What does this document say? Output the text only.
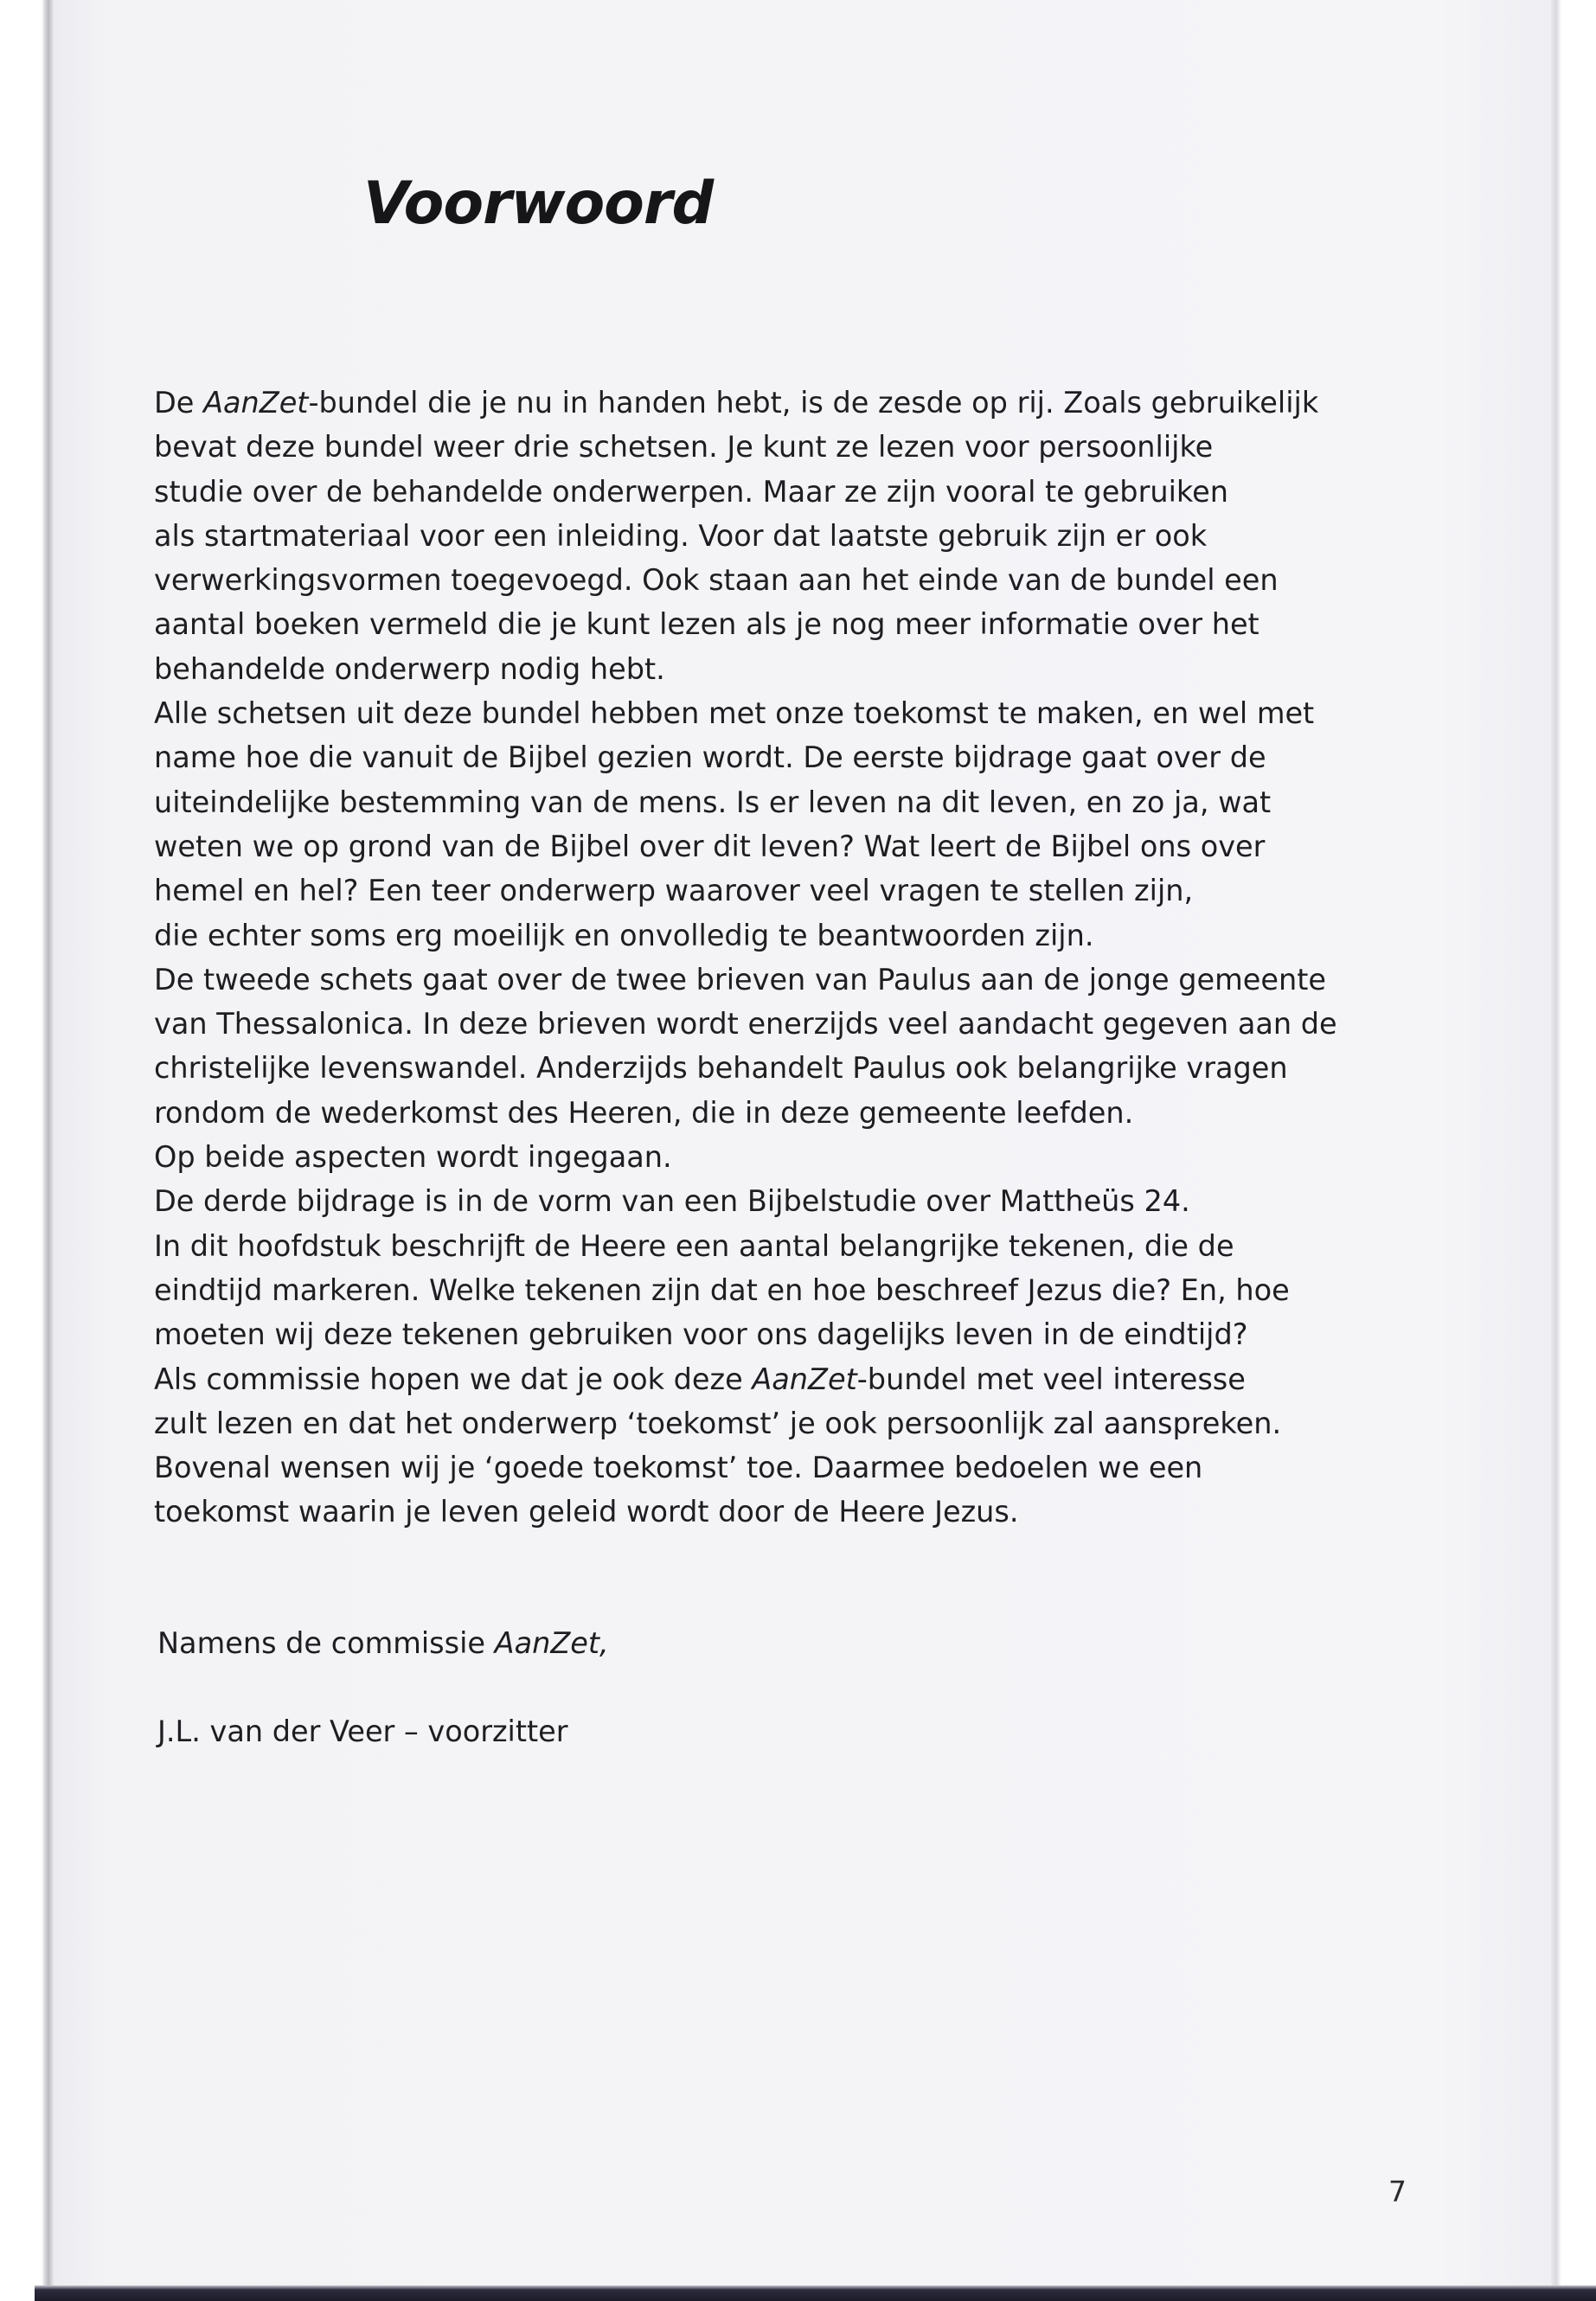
Voorwoord
De AanZet-bundel die je nu in handen hebt, is de zesde op rij. Zoals gebruikelijk
bevat deze bundel weer drie schetsen. Je kunt ze lezen voor persoonlijke
studie over de behandelde onderwerpen. Maar ze zijn vooral te gebruiken
als startmateriaal voor een inleiding. Voor dat laatste gebruik zijn er ook
verwerkingsvormen toegevoegd. Ook staan aan het einde van de bundel een
aantal boeken vermeld die je kunt lezen als je nog meer informatie over het
behandelde onderwerp nodig hebt.
Alle schetsen uit deze bundel hebben met onze toekomst te maken, en wel met
name hoe die vanuit de Bijbel gezien wordt. De eerste bijdrage gaat over de
uiteindelijke bestemming van de mens. Is er leven na dit leven, en zo ja, wat
weten we op grond van de Bijbel over dit leven? Wat leert de Bijbel ons over
hemel en hel? Een teer onderwerp waarover veel vragen te stellen zijn,
die echter soms erg moeilijk en onvolledig te beantwoorden zijn.
De tweede schets gaat over de twee brieven van Paulus aan de jonge gemeente
van Thessalonica. In deze brieven wordt enerzijds veel aandacht gegeven aan de
christelijke levenswandel. Anderzijds behandelt Paulus ook belangrijke vragen
rondom de wederkomst des Heeren, die in deze gemeente leefden.
Op beide aspecten wordt ingegaan.
De derde bijdrage is in de vorm van een Bijbelstudie over Mattheüs 24.
In dit hoofdstuk beschrijft de Heere een aantal belangrijke tekenen, die de
eindtijd markeren. Welke tekenen zijn dat en hoe beschreef Jezus die? En, hoe
moeten wij deze tekenen gebruiken voor ons dagelijks leven in de eindtijd?
Als commissie hopen we dat je ook deze AanZet-bundel met veel interesse
zult lezen en dat het onderwerp ‘toekomst’ je ook persoonlijk zal aanspreken.
Bovenal wensen wij je ‘goede toekomst’ toe. Daarmee bedoelen we een
toekomst waarin je leven geleid wordt door de Heere Jezus.
Namens de commissie AanZet,
J.L. van der Veer – voorzitter
7
